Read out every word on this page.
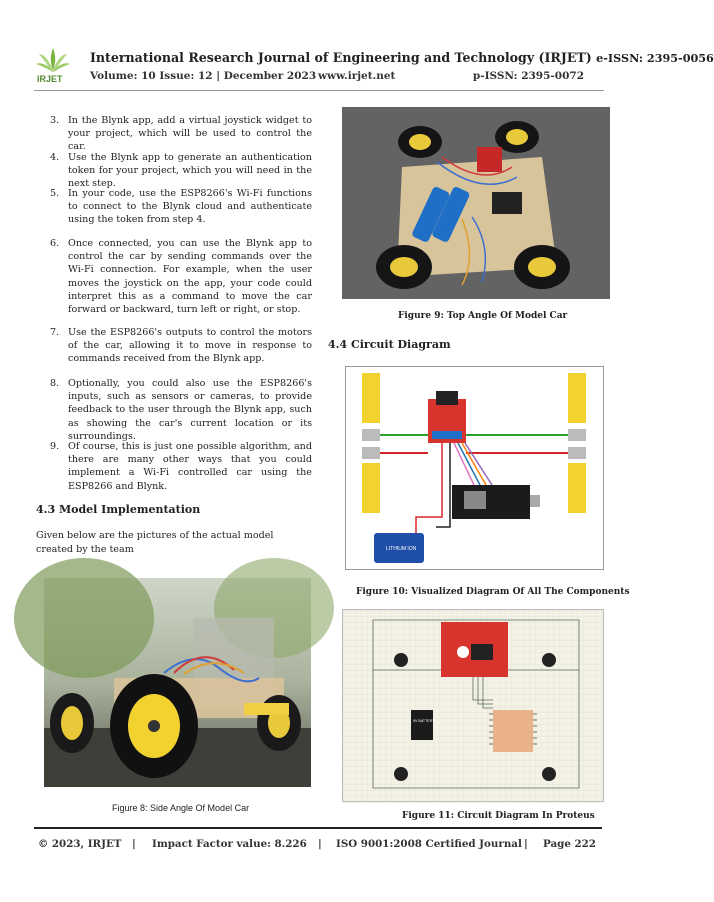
IRJET
International Research Journal of Engineering and Technology (IRJET) e-ISSN: 2395-0056
Volume: 10 Issue: 12 | December 2023 www.irjet.net	p-ISSN: 2395-0072
3. In the Blynk app, add a virtual joystick widget to your project, which will be used to control the car.
4. Use the Blynk app to generate an authentication token for your project, which you will need in the next step.
5. In your code, use the ESP8266's Wi-Fi functions to connect to the Blynk cloud and authenticate using the token from step 4.
6. Once connected, you can use the Blynk app to control the car by sending commands over the Wi-Fi connection. For example, when the user moves the joystick on the app, your code could interpret this as a command to move the car forward or backward, turn left or right, or stop.
7. Use the ESP8266's outputs to control the motors of the car, allowing it to move in response to commands received from the Blynk app.
8. Optionally, you could also use the ESP8266's inputs, such as sensors or cameras, to provide feedback to the user through the Blynk app, such as showing the car's current location or its surroundings.
9. Of course, this is just one possible algorithm, and there are many other ways that you could implement a Wi-Fi controlled car using the ESP8266 and Blynk.
4.3 Model Implementation
Given below are the pictures of the actual model created by the team
Figure 8: Side Angle Of Model Car
Figure 9: Top Angle Of Model Car
4.4 Circuit Diagram
LITHIUM ION
Figure 10: Visualized Diagram Of All The Components
9V BATTERY
Figure 11: Circuit Diagram In Proteus
© 2023, IRJET | Impact Factor value: 8.226 | ISO 9001:2008 Certified Journal | Page 222
